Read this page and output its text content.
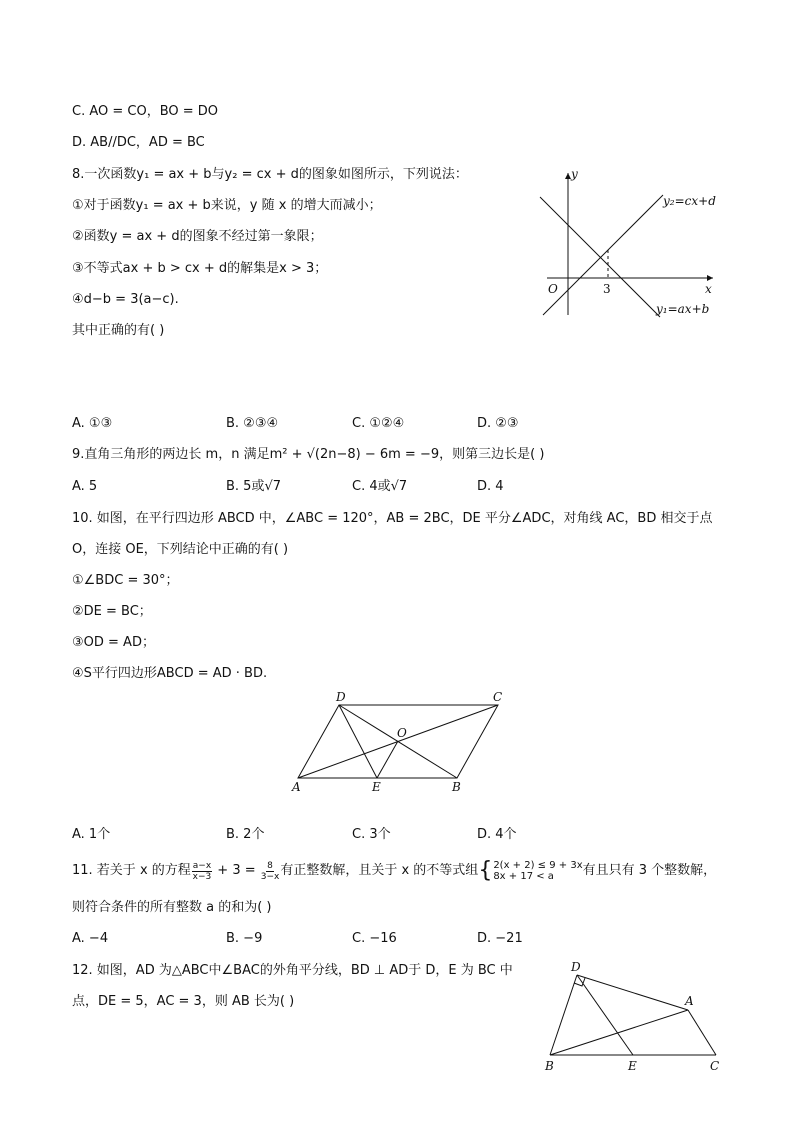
C. AO = CO，BO = DO
D. AB//DC，AD = BC
8.一次函数y₁ = ax + b与y₂ = cx + d的图象如图所示，下列说法：
①对于函数y₁ = ax + b来说，y 随 x 的增大而减小；
②函数y = ax + d的图象不经过第一象限；
③不等式ax + b > cx + d的解集是x > 3；
④d−b = 3(a−c).
其中正确的有( )
y
x
O	3
y₂=cx+d
y₁=ax+b
A. ①③	B. ②③④	C. ①②④	D. ②③
9.直角三角形的两边长 m，n 满足m² + √(2n−8) − 6m = −9，则第三边长是( )
A. 5	B. 5或√7	C. 4或√7	D. 4
10. 如图，在平行四边形 ABCD 中，∠ABC = 120°，AB = 2BC，DE 平分∠ADC，对角线 AC，BD 相交于点
O，连接 OE，下列结论中正确的有( )
①∠BDC = 30°；
②DE = BC；
③OD = AD；
④S平行四边形ABCD = AD · BD.
D	C
O
A	E	B
A. 1个	B. 2个	C. 3个	D. 4个
11. 若关于 x 的方程 $\frac{a-x}{x-3} + 3 = \frac{8}{3-x}$ 有正整数解，且关于 x 的不等式组 { 2(x + 2) ≤ 9 + 3x
8x + 17 < a	有且只有 3 个整数解，
则符合条件的所有整数 a 的和为( )
A. −4	B. −9	C. −16	D. −21
12. 如图，AD 为△ABC中∠BAC的外角平分线，BD ⊥ AD于 D，E 为 BC 中
点，DE = 5，AC = 3，则 AB 长为( )
D
A
B	E	C
